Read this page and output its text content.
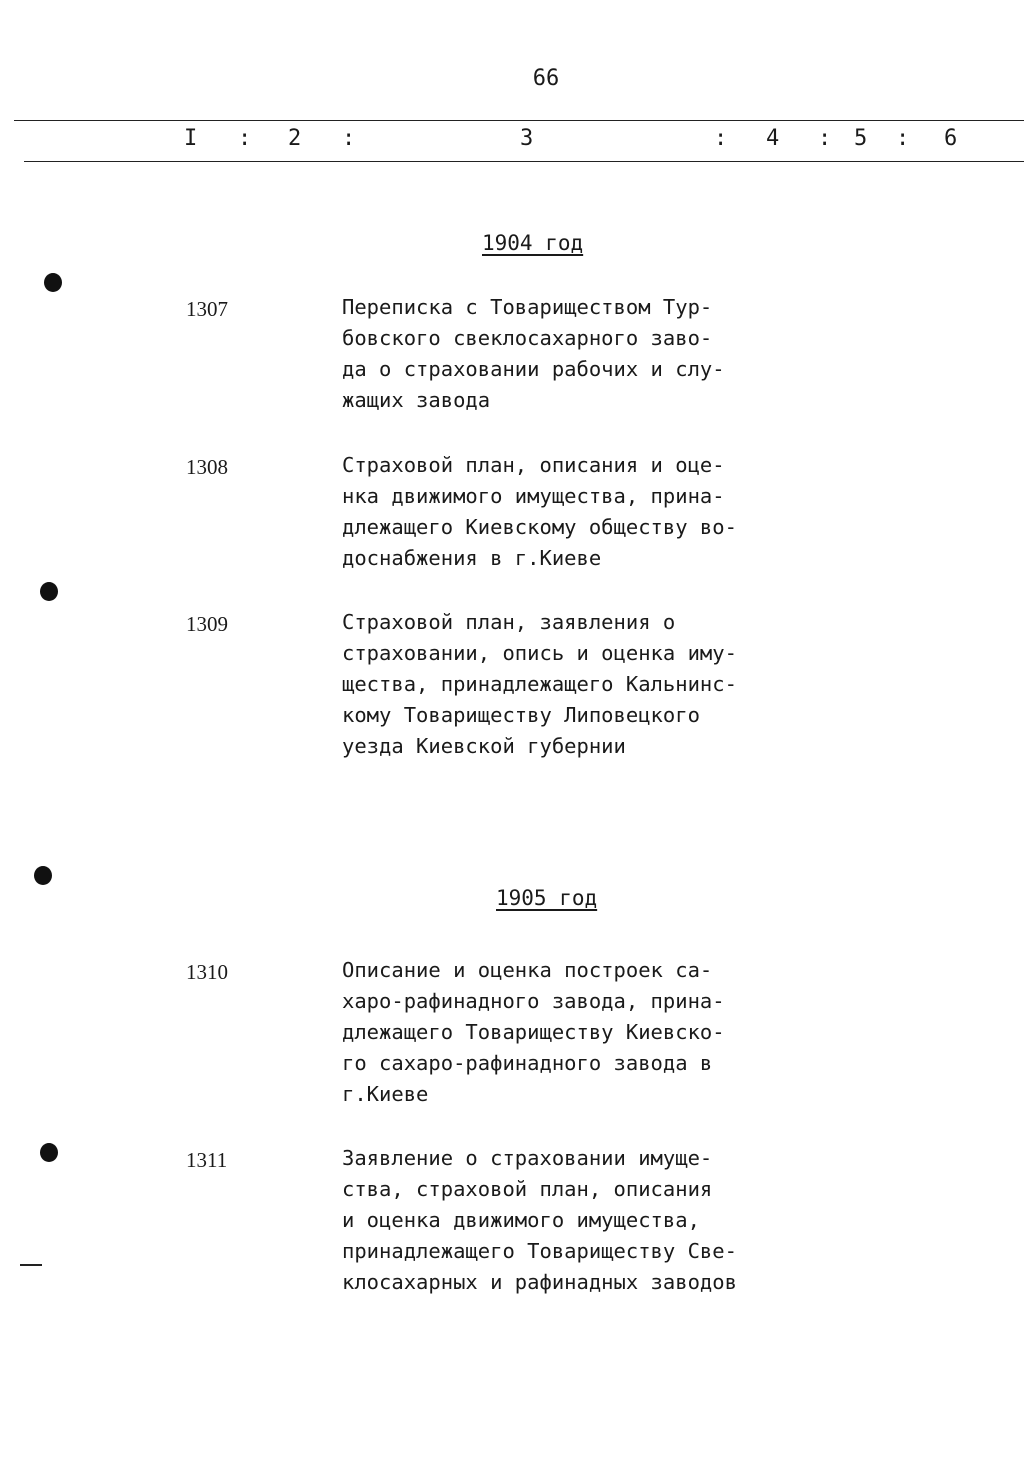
66
I : 2 :	3	: 4 : 5 : 6
1904 год
1307	Переписка с Товариществом Тур-
бовского свеклосахарного заво-
да о страховании рабочих и слу-
жащих завода
1308	Страховой план, описания и оце-
нка движимого имущества, прина-
длежащего Киевскому обществу во-
доснабжения в г.Киеве
1309	Страховой план, заявления о
страховании, опись и оценка иму-
щества, принадлежащего Кальнинс-
кому Товариществу Липовецкого
уезда Киевской губернии
1905 год
1310	Описание и оценка построек са-
харо-рафинадного завода, прина-
длежащего Товариществу Киевско-
го сахаро-рафинадного завода в
г.Киеве
1311	Заявление о страховании имуще-
ства, страховой план, описания
и оценка движимого имущества,
принадлежащего Товариществу Све-
клосахарных и рафинадных заводов
